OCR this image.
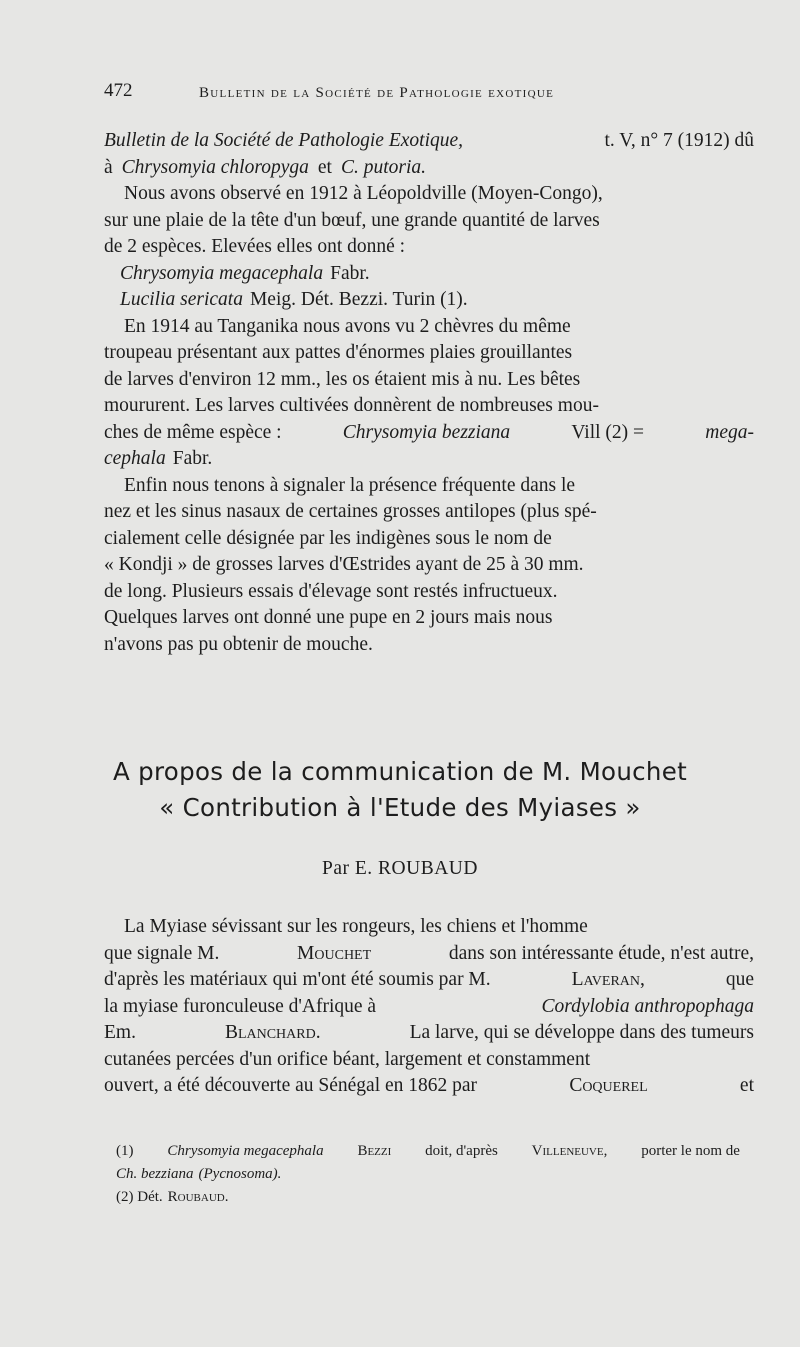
472	Bulletin de la Société de Pathologie exotique
Bulletin de la Société de Pathologie Exotique,	t. V, n° 7 (1912) dû
à Chrysomyia chloropyga et C. putoria.
Nous avons observé en 1912 à Léopoldville (Moyen-Congo),
sur une plaie de la tête d'un bœuf, une grande quantité de larves
de 2 espèces. Elevées elles ont donné :
Chrysomyia megacephala Fabr.
Lucilia sericata Meig. Dét. Bezzi. Turin (1).
En 1914 au Tanganika nous avons vu 2 chèvres du même
troupeau présentant aux pattes d'énormes plaies grouillantes
de larves d'environ 12 mm., les os étaient mis à nu. Les bêtes
moururent. Les larves cultivées donnèrent de nombreuses mou-
ches de même espèce :	Chrysomyia bezziana	Vill (2) =	mega-
cephala Fabr.
Enfin nous tenons à signaler la présence fréquente dans le
nez et les sinus nasaux de certaines grosses antilopes (plus spé-
cialement celle désignée par les indigènes sous le nom de
« Kondji » de grosses larves d'Œstrides ayant de 25 à 30 mm.
de long. Plusieurs essais d'élevage sont restés infructueux.
Quelques larves ont donné une pupe en 2 jours mais nous
n'avons pas pu obtenir de mouche.
A propos de la communication de M. Mouchet
« Contribution à l'Etude des Myiases »
Par E. ROUBAUD
La Myiase sévissant sur les rongeurs, les chiens et l'homme
que signale M.	Mouchet	dans son intéressante étude, n'est autre,
d'après les matériaux qui m'ont été soumis par M.	Laveran,	que
la myiase furonculeuse d'Afrique à	Cordylobia anthropophaga
Em.	Blanchard.	La larve, qui se développe dans des tumeurs
cutanées percées d'un orifice béant, largement et constamment
ouvert, a été découverte au Sénégal en 1862 par	Coquerel	et
(1) Chrysomyia megacephala Bezzi doit, d'après Villeneuve, porter le nom de
Ch. bezziana (Pycnosoma).
(2) Dét. Roubaud.
